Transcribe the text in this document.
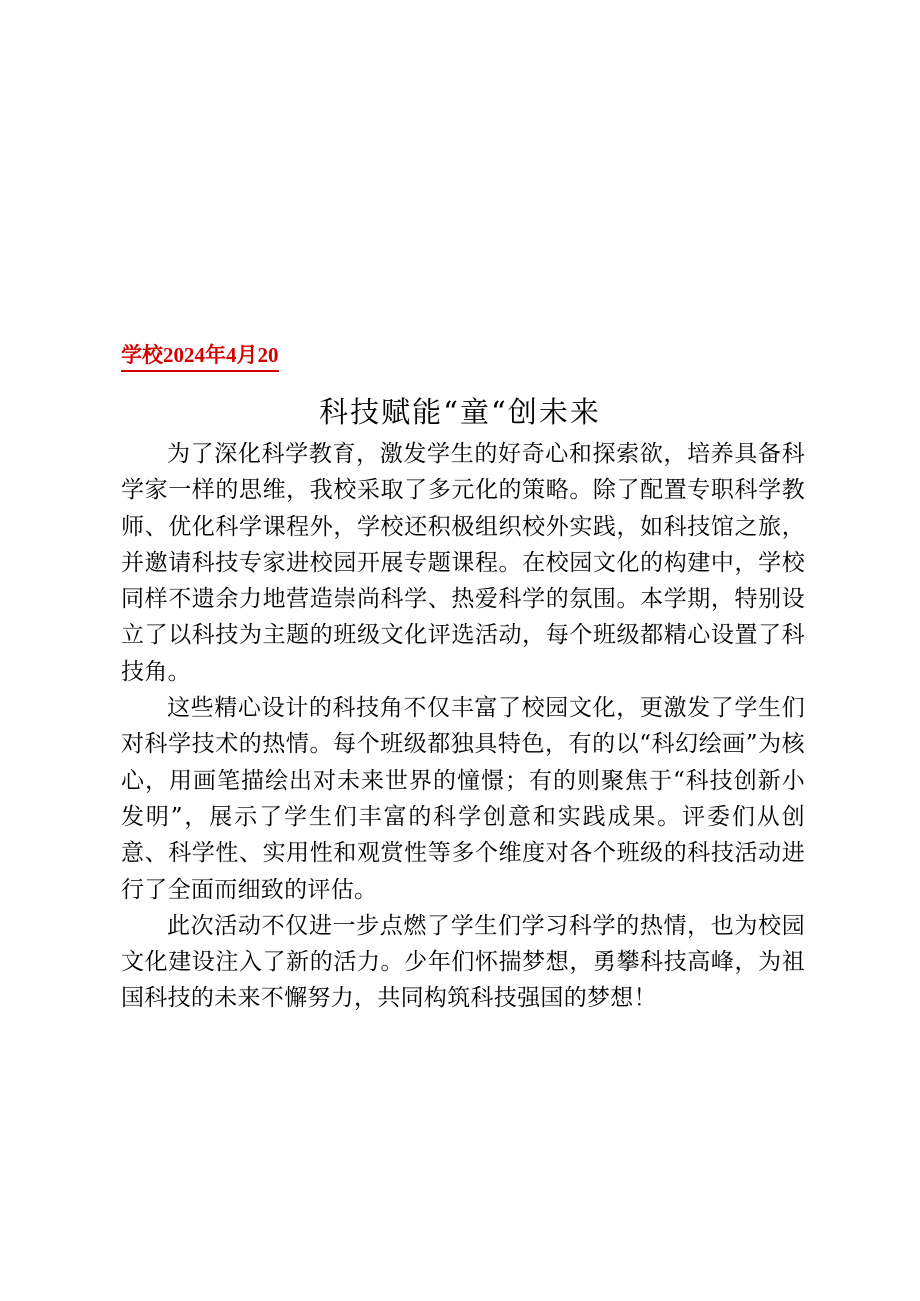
学校2024年4月20
科技赋能“童“创未来

为了深化科学教育，激发学生的好奇心和探索欲，培养具备科学家一样的思维，我校采取了多元化的策略。除了配置专职科学教师、优化科学课程外，学校还积极组织校外实践，如科技馆之旅，并邀请科技专家进校园开展专题课程。在校园文化的构建中，学校同样不遗余力地营造崇尚科学、热爱科学的氛围。本学期，特别设立了以科技为主题的班级文化评选活动，每个班级都精心设置了科技角。

这些精心设计的科技角不仅丰富了校园文化，更激发了学生们对科学技术的热情。每个班级都独具特色，有的以“科幻绘画”为核心，用画笔描绘出对未来世界的憧憬；有的则聚焦于“科技创新小发明”，展示了学生们丰富的科学创意和实践成果。评委们从创意、科学性、实用性和观赏性等多个维度对各个班级的科技活动进行了全面而细致的评估。

此次活动不仅进一步点燃了学生们学习科学的热情，也为校园文化建设注入了新的活力。少年们怀揣梦想，勇攀科技高峰，为祖国科技的未来不懈努力，共同构筑科技强国的梦想！
